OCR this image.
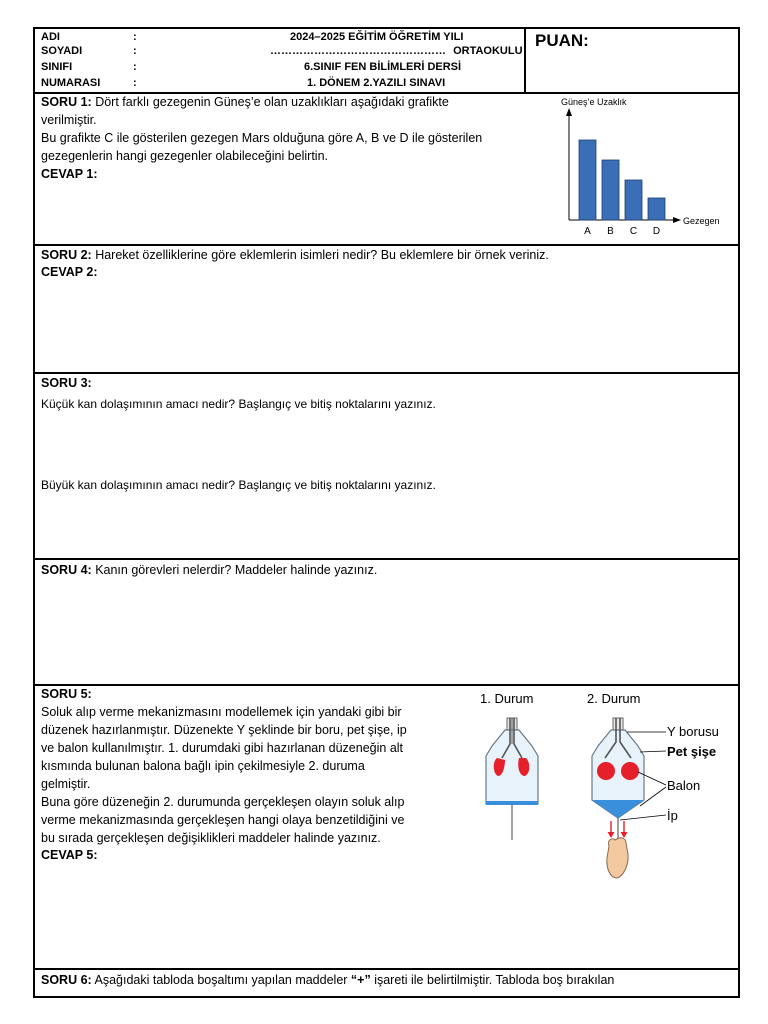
ADI
SOYADI
SINIFI
NUMARASI
:
:
:
:
2024–2025 EĞİTİM ÖĞRETİM YILI
………………………………………… ORTAOKULU
6.SINIF FEN BİLİMLERİ DERSİ
1. DÖNEM 2.YAZILI SINAVI
PUAN:
SORU 1: Dört farklı gezegenin Güneş’e olan uzaklıkları aşağıdaki grafikte
verilmiştir.
Bu grafikte C ile gösterilen gezegen Mars olduğuna göre A, B ve D ile gösterilen
gezegenlerin hangi gezegenler olabileceğini belirtin.
CEVAP 1:
A B C D
Güneş’e Uzaklık
Gezegen
SORU 2: Hareket özelliklerine göre eklemlerin isimleri nedir? Bu eklemlere bir örnek veriniz.
CEVAP 2:
SORU 3:
Küçük kan dolaşımının amacı nedir? Başlangıç ve bitiş noktalarını yazınız.
Büyük kan dolaşımının amacı nedir? Başlangıç ve bitiş noktalarını yazınız.
SORU 4: Kanın görevleri nelerdir? Maddeler halinde yazınız.
SORU 5:
Soluk alıp verme mekanizmasını modellemek için yandaki gibi bir
düzenek hazırlanmıştır. Düzenekte Y şeklinde bir boru, pet şişe, ip
ve balon kullanılmıştır. 1. durumdaki gibi hazırlanan düzeneğin alt
kısmında bulunan balona bağlı ipin çekilmesiyle 2. duruma
gelmiştir.
Buna göre düzeneğin 2. durumunda gerçekleşen olayın soluk alıp
verme mekanizmasında gerçekleşen hangi olaya benzetildiğini ve
bu sırada gerçekleşen değişiklikleri maddeler halinde yazınız.
CEVAP 5:
1. Durum	2. Durum
Y borusu
Pet şişe
Balon
İp
SORU 6: Aşağıdaki tabloda boşaltımı yapılan maddeler “+” işareti ile belirtilmiştir. Tabloda boş bırakılan
